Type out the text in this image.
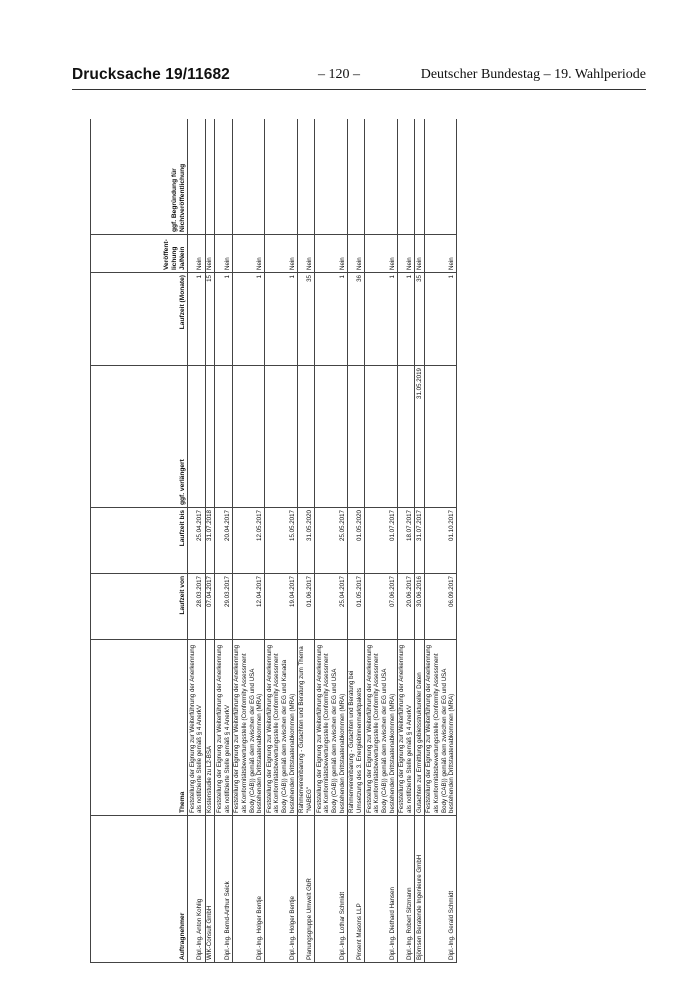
Drucksache 19/11682	– 120 –	Deutscher Bundestag – 19. Wahlperiode
Auftragnehmer	Thema	Laufzeit von	Laufzeit bis	ggf. verlängert	Laufzeit (Monate)	Veröffent-lichung Ja/Nein	ggf. Begründung für Nichtveröffentlichung	
Dipl.-Ing. Anton Kohlig	Feststellung der Eignung zur Weiterführung der Anerkennung als notifizierte Stelle gemäß § 4 AnerkV	28.03.2017	25.04.2017		1	Nein		
WIK-Consult GmbH	Kostenstudie zu L2-BSA	07.04.2017	31.07.2018		15	Nein		
Dipl.-Ing. Bernd-Arthur Seick	Feststellung der Eignung zur Weiterführung der Anerkennung als notifizierte Stelle gemäß § 4 AnerkV	29.03.2017	20.04.2017		1	Nein		
Dipl.-Ing. Holger Bentje	Feststellung der Eignung zur Weiterführung der Anerkennung als Konformitätsbewertungsstelle (Conformity Assessment Body (CAB)) gemäß dem zwischen der EG und USA bestehenden Drittstaatenabkommen (MRA)	12.04.2017	12.05.2017		1	Nein		
Dipl.-Ing. Holger Bentje	Feststellung der Eignung zur Weiterführung der Anerkennung als Konformitätsbewertungsstelle (Conformity Assessment Body (CAB)) gemäß dem zwischen der EG und Kanada bestehenden Drittstaatenabkommen (MRA)	19.04.2017	15.05.2017		1	Nein		
Planungsgruppe Umwelt GbR	Rahmenvereinbarung - Gutachten und Beratung zum Thema "NABEG"	01.06.2017	31.05.2020		35	Nein		
Dipl.-Ing. Lothar Schmidt	Feststellung der Eignung zur Weiterführung der Anerkennung als Konformitätsbewertungsstelle (Conformity Assessment Body (CAB)) gemäß dem zwischen der EG und USA bestehenden Drittstaatenabkommen (MRA)	25.04.2017	25.05.2017		1	Nein		
Pinsent Masons LLP	Rahmenvereinbarung - Gutachten und Beratung bei Umsetzung des 3. Energiebinnenmarktpakets	01.05.2017	01.05.2020		36	Nein		
Dipl.-Ing. Diethard Hansen	Feststellung der Eignung zur Weiterführung der Anerkennung als Konformitätsbewertungsstelle (Conformity Assessment Body (CAB)) gemäß dem zwischen der EG und USA bestehenden Drittstaatenabkommen (MRA)	07.06.2017	01.07.2017		1	Nein		
Dipl.-Ing. Robert Sitzmann	Feststellung der Eignung zur Weiterführung der Anerkennung als notifizierte Stelle gemäß § 4 AnerkV	20.06.2017	18.07.2017		1	Nein		
Björnsen Beratende Ingenieure GmbH	Gutachten zur Ermittlung gebietsstruktureller Daten	30.06.2016	31.07.2017	31.05.2019	35	Nein		
Dipl.-Ing. Gerald Schmidt	Feststellung der Eignung zur Weiterführung der Anerkennung als Konformitätsbewertungsstelle (Conformity Assessment Body (CAB)) gemäß dem zwischen der EG und USA bestehenden Drittstaatenabkommen (MRA)	06.09.2017	01.10.2017		1	Nein		
